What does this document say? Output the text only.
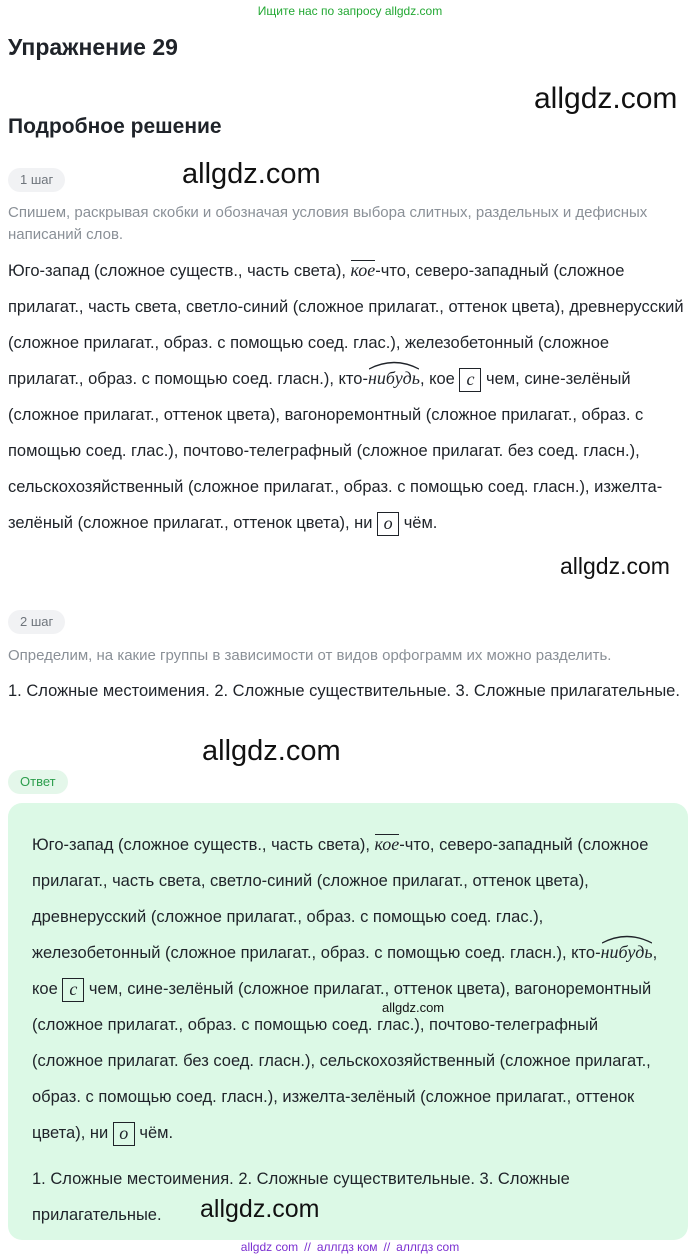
Ищите нас по запросу allgdz.com
Упражнение 29
allgdz.com
Подробное решение
1 шаг	allgdz.com

Спишем, раскрывая скобки и обозначая условия выбора слитных, раздельных и дефисных написаний слов.

Юго-запад (сложное существ., часть света), кое-что, северо-западный (сложное прилагат., часть света, светло-синий (сложное прилагат., оттенок цвета), древнерусский (сложное прилагат., образ. с помощью соед. глас.), железобетонный (сложное прилагат., образ. с помощью соед. гласн.), кто-
нибудь, кое с чем, сине-зелёный (сложное прилагат., оттенок цвета), вагоноремонтный (сложное прилагат., образ. с помощью соед. глас.), почтово-телеграфный (сложное прилагат. без соед. гласн.), сельскохозяйственный (сложное прилагат., образ. с помощью соед. гласн.), изжелта-зелёный (сложное прилагат., оттенок цвета), ни о чём.

allgdz.com
2 шаг

Определим, на какие группы в зависимости от видов орфограмм их можно разделить.

1. Сложные местоимения. 2. Сложные существительные. 3. Сложные прилагательные.

allgdz.com
Ответ

Юго-запад (сложное существ., часть света), кое-что, северо-западный (сложное прилагат., часть света, светло-синий (сложное прилагат., оттенок цвета), древнерусский (сложное прилагат., образ. с помощью соед. глас.), железобетонный (сложное прилагат., образ. с помощью соед. гласн.), кто-
нибудь, кое с чем, сине-зелёный (сложное прилагат., оттенок цвета), вагоноремонтный (сложное прилагат., образ. с помощью соед. глас.), почтово-телеграфный (сложное прилагат. без соед. гласн.), сельскохозяйственный (сложное прилагат., образ. с помощью соед. гласн.), изжелта-зелёный (сложное прилагат., оттенок цвета), ни о чём.

allgdz.com

1. Сложные местоимения. 2. Сложные существительные. 3. Сложные прилагательные.	allgdz.com
allgdz com // аллгдз ком // аллгдз com
